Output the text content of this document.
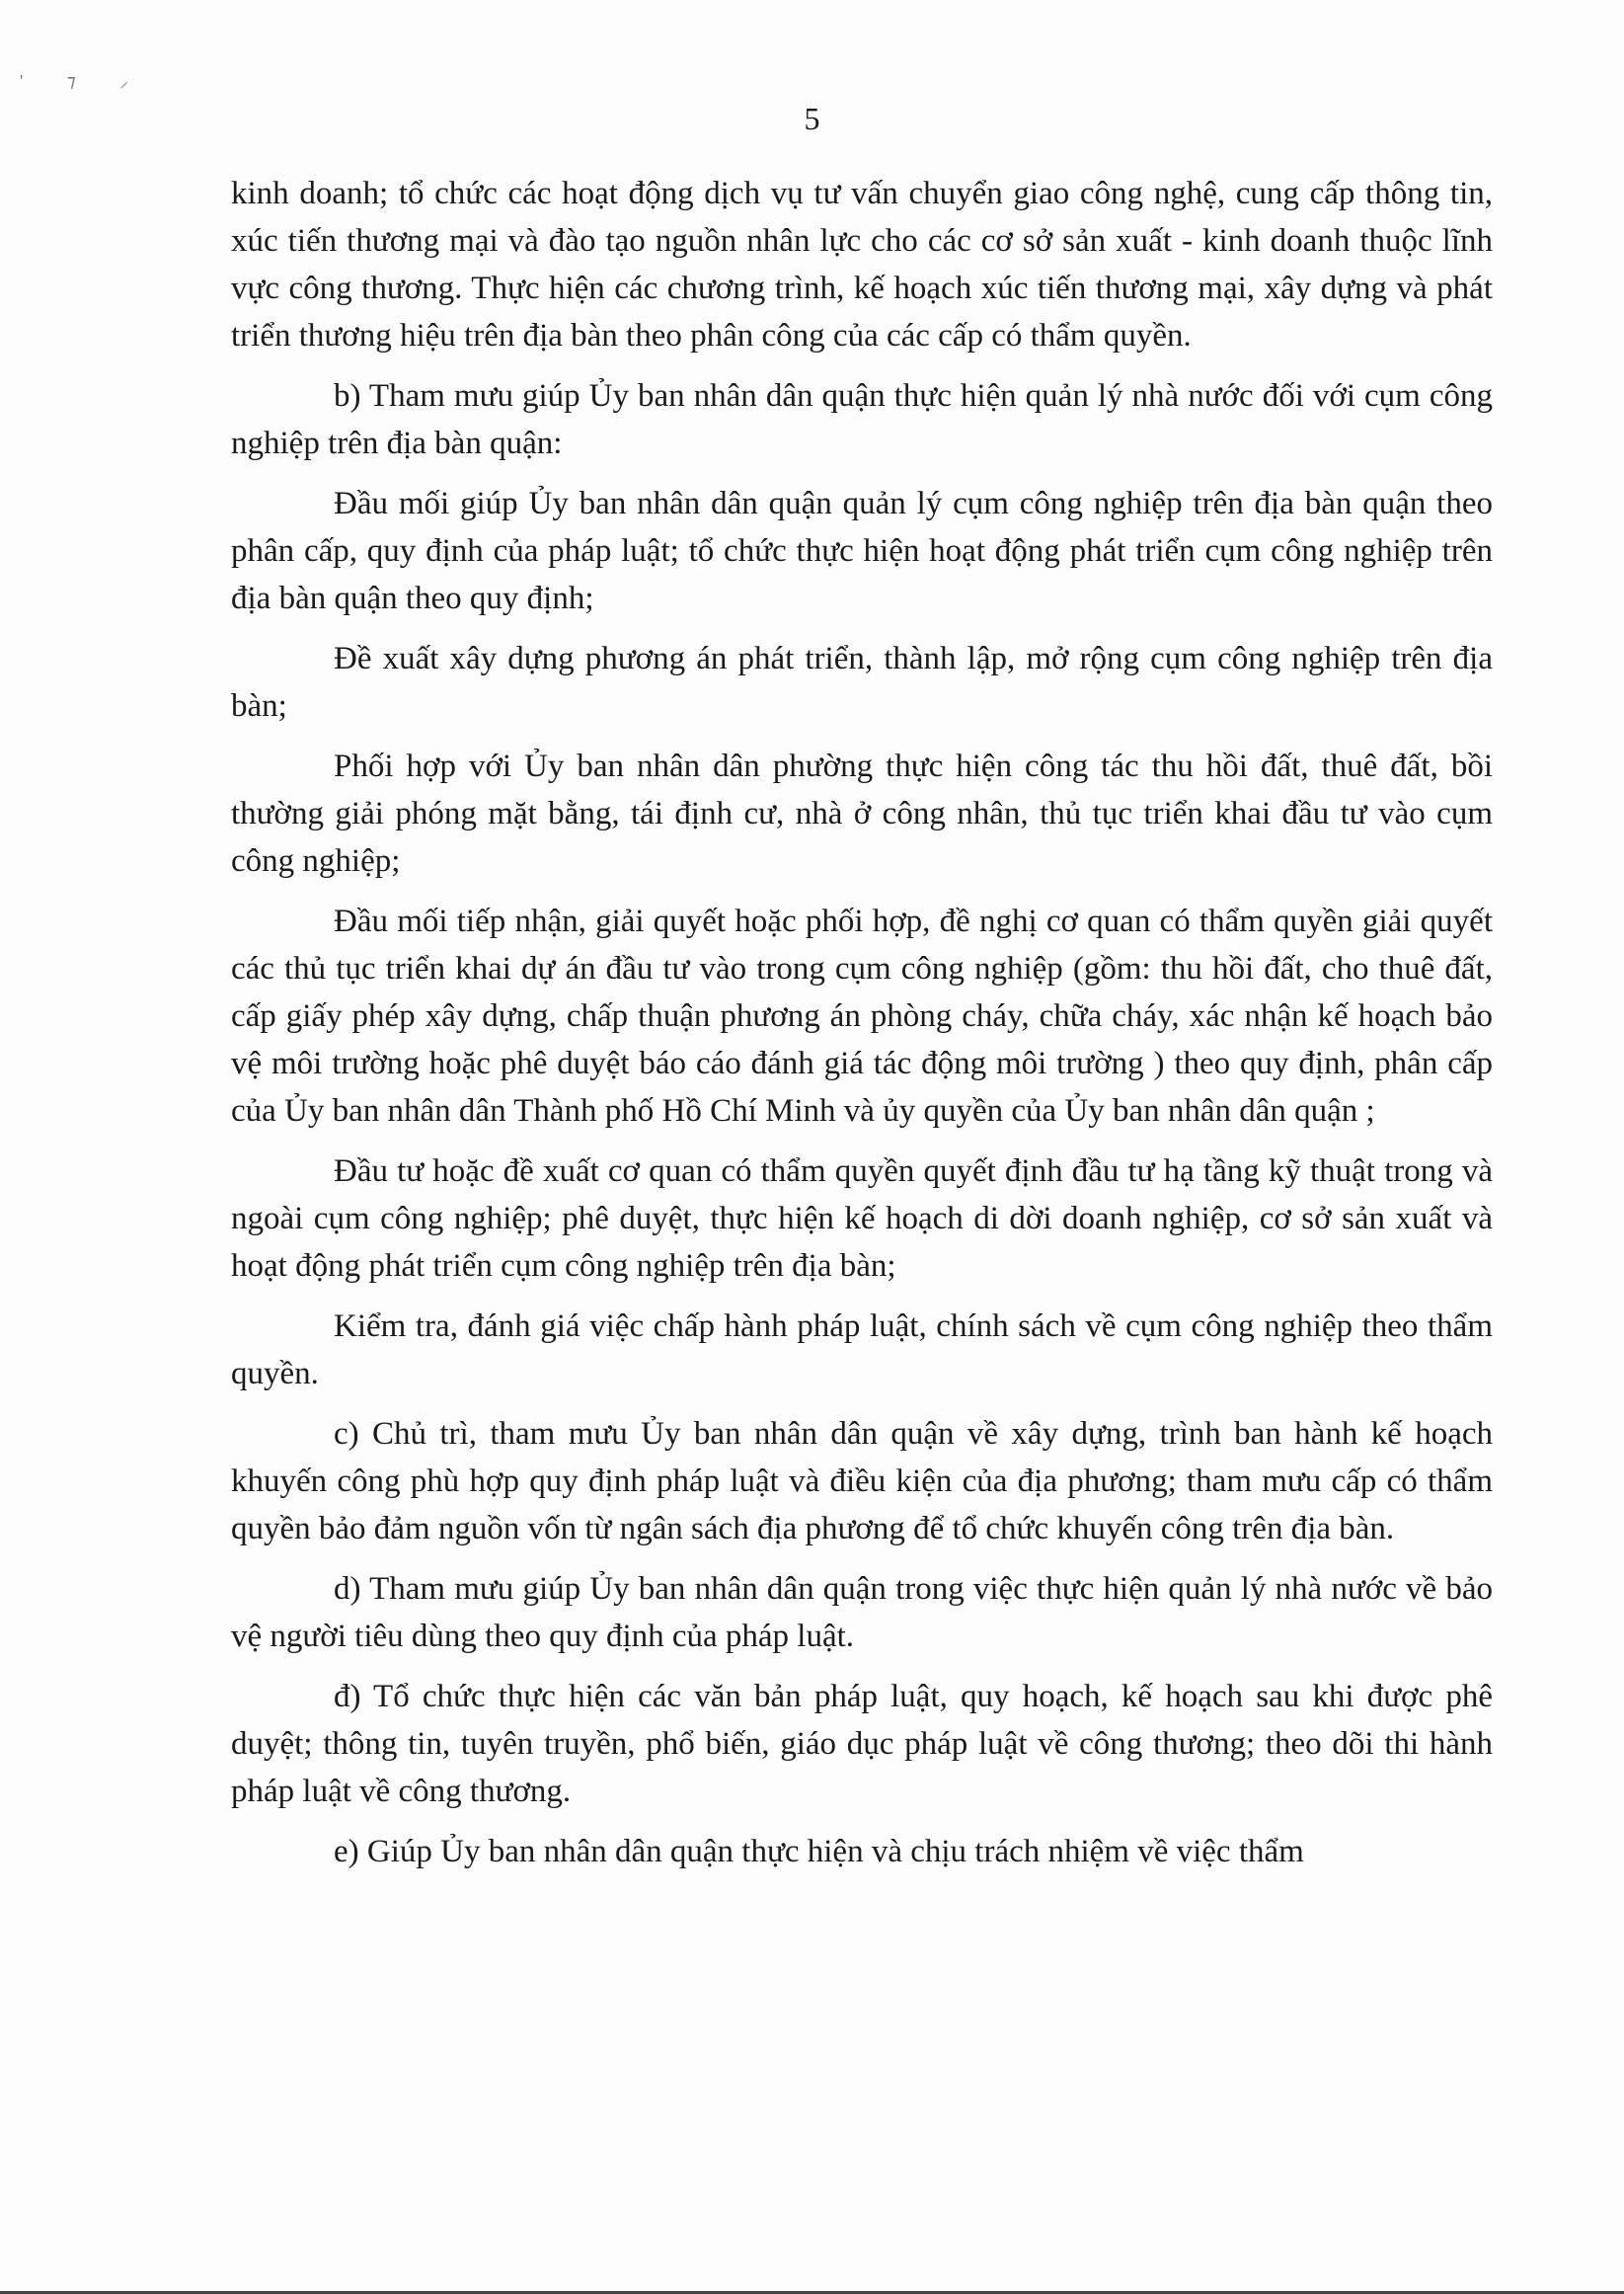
' ⁊ ⸝
5

kinh doanh; tổ chức các hoạt động dịch vụ tư vấn chuyển giao công nghệ, cung cấp thông tin, xúc tiến thương mại và đào tạo nguồn nhân lực cho các cơ sở sản xuất - kinh doanh thuộc lĩnh vực công thương. Thực hiện các chương trình, kế hoạch xúc tiến thương mại, xây dựng và phát triển thương hiệu trên địa bàn theo phân công của các cấp có thẩm quyền.

b) Tham mưu giúp Ủy ban nhân dân quận thực hiện quản lý nhà nước đối với cụm công nghiệp trên địa bàn quận:

Đầu mối giúp Ủy ban nhân dân quận quản lý cụm công nghiệp trên địa bàn quận theo phân cấp, quy định của pháp luật; tổ chức thực hiện hoạt động phát triển cụm công nghiệp trên địa bàn quận theo quy định;

Đề xuất xây dựng phương án phát triển, thành lập, mở rộng cụm công nghiệp trên địa bàn;

Phối hợp với Ủy ban nhân dân phường thực hiện công tác thu hồi đất, thuê đất, bồi thường giải phóng mặt bằng, tái định cư, nhà ở công nhân, thủ tục triển khai đầu tư vào cụm công nghiệp;

Đầu mối tiếp nhận, giải quyết hoặc phối hợp, đề nghị cơ quan có thẩm quyền giải quyết các thủ tục triển khai dự án đầu tư vào trong cụm công nghiệp (gồm: thu hồi đất, cho thuê đất, cấp giấy phép xây dựng, chấp thuận phương án phòng cháy, chữa cháy, xác nhận kế hoạch bảo vệ môi trường hoặc phê duyệt báo cáo đánh giá tác động môi trường ) theo quy định, phân cấp của Ủy ban nhân dân Thành phố Hồ Chí Minh và ủy quyền của Ủy ban nhân dân quận ;

Đầu tư hoặc đề xuất cơ quan có thẩm quyền quyết định đầu tư hạ tầng kỹ thuật trong và ngoài cụm công nghiệp; phê duyệt, thực hiện kế hoạch di dời doanh nghiệp, cơ sở sản xuất và hoạt động phát triển cụm công nghiệp trên địa bàn;

Kiểm tra, đánh giá việc chấp hành pháp luật, chính sách về cụm công nghiệp theo thẩm quyền.

c) Chủ trì, tham mưu Ủy ban nhân dân quận về xây dựng, trình ban hành kế hoạch khuyến công phù hợp quy định pháp luật và điều kiện của địa phương; tham mưu cấp có thẩm quyền bảo đảm nguồn vốn từ ngân sách địa phương để tổ chức khuyến công trên địa bàn.

d) Tham mưu giúp Ủy ban nhân dân quận trong việc thực hiện quản lý nhà nước về bảo vệ người tiêu dùng theo quy định của pháp luật.

đ) Tổ chức thực hiện các văn bản pháp luật, quy hoạch, kế hoạch sau khi được phê duyệt; thông tin, tuyên truyền, phổ biến, giáo dục pháp luật về công thương; theo dõi thi hành pháp luật về công thương.

e) Giúp Ủy ban nhân dân quận thực hiện và chịu trách nhiệm về việc thẩm
